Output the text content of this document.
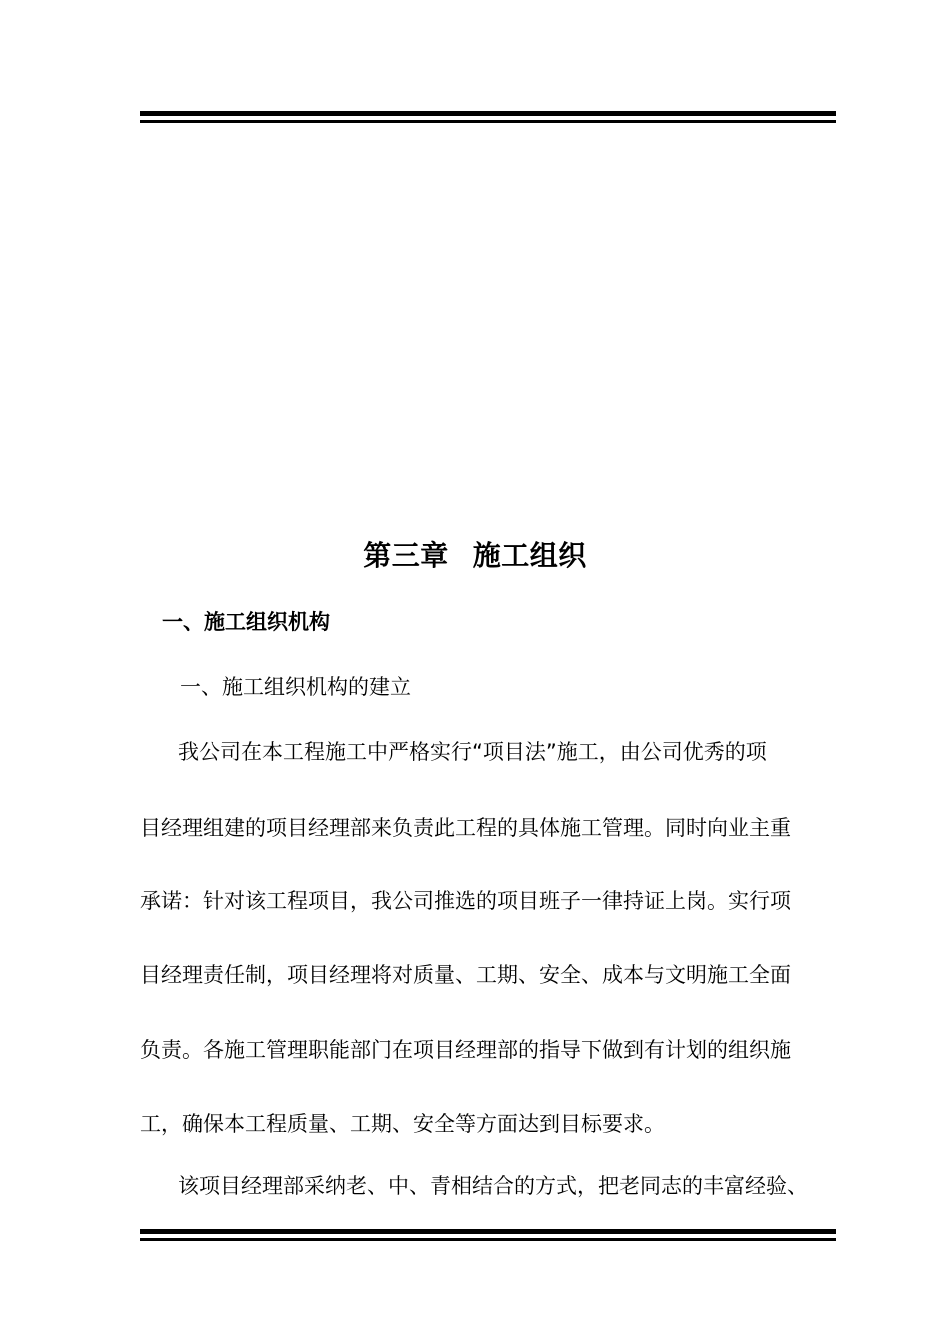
第三章 施工组织
一、施工组织机构
一、施工组织机构的建立
我公司在本工程施工中严格实行“项目法”施工，由公司优秀的项
目经理组建的项目经理部来负责此工程的具体施工管理。同时向业主重
承诺：针对该工程项目，我公司推选的项目班子一律持证上岗。实行项
目经理责任制，项目经理将对质量、工期、安全、成本与文明施工全面
负责。各施工管理职能部门在项目经理部的指导下做到有计划的组织施
工，确保本工程质量、工期、安全等方面达到目标要求。
该项目经理部采纳老、中、青相结合的方式，把老同志的丰富经验、
